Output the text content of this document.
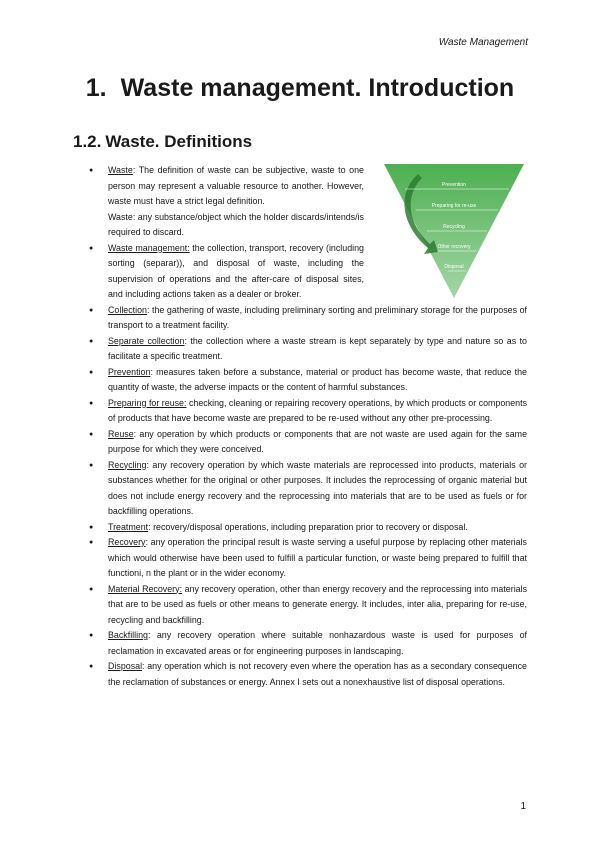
Waste Management
1. Waste management. Introduction
1.2. Waste. Definitions
Prevention
Preparing for re-use
Recycling
Other recovery
Disposal
● Waste: The definition of waste can be subjective, waste to one person may represent a valuable resource to another. However, waste must have a strict legal definition.
Waste: any substance/object which the holder discards/intends/is required to discard.
● Waste management: the collection, transport, recovery (including sorting (separar)), and disposal of waste, including the supervision of operations and the after-care of disposal sites, and including actions taken as a dealer or broker.
● Collection: the gathering of waste, including preliminary sorting and preliminary storage for the purposes of transport to a treatment facility.
● Separate collection: the collection where a waste stream is kept separately by type and nature so as to facilitate a specific treatment.
● Prevention: measures taken before a substance, material or product has become waste, that reduce the quantity of waste, the adverse impacts or the content of harmful substances.
● Preparing for reuse: checking, cleaning or repairing recovery operations, by which products or components of products that have become waste are prepared to be re-used without any other pre-processing.
● Reuse: any operation by which products or components that are not waste are used again for the same purpose for which they were conceived.
● Recycling: any recovery operation by which waste materials are reprocessed into products, materials or substances whether for the original or other purposes. It includes the reprocessing of organic material but does not include energy recovery and the reprocessing into materials that are to be used as fuels or for backfilling operations.
● Treatment: recovery/disposal operations, including preparation prior to recovery or disposal.
● Recovery: any operation the principal result is waste serving a useful purpose by replacing other materials which would otherwise have been used to fulfill a particular function, or waste being prepared to fulfill that functioni, n the plant or in the wider economy.
● Material Recovery: any recovery operation, other than energy recovery and the reprocessing into materials that are to be used as fuels or other means to generate energy. It includes, inter alia, preparing for re-use, recycling and backfilling.
● Backfilling: any recovery operation where suitable nonhazardous waste is used for purposes of reclamation in excavated areas or for engineering purposes in landscaping.
● Disposal: any operation which is not recovery even where the operation has as a secondary consequence the reclamation of substances or energy. Annex I sets out a nonexhaustive list of disposal operations.
1
